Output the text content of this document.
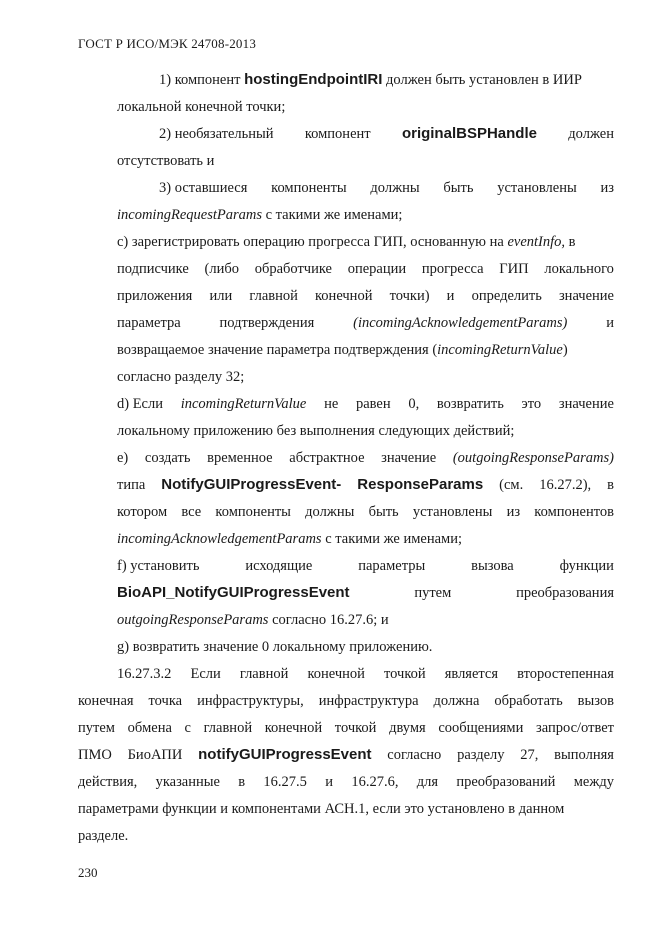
ГОСТ Р ИСО/МЭК 24708-2013
1) компонент hostingEndpointIRI должен быть установлен в ИИР
локальной конечной точки;
2) необязательный компонент originalBSPHandle должен
отсутствовать и
3) оставшиеся компоненты должны быть установлены из
incomingRequestParams с такими же именами;
с) зарегистрировать операцию прогресса ГИП, основанную на eventInfo, в
подписчике (либо обработчике операции прогресса ГИП локального
приложения или главной конечной точки) и определить значение
параметра	подтверждения	(incomingAcknowledgementParams)	и
возвращаемое значение параметра подтверждения (incomingReturnValue)
согласно разделу 32;
d) Если incomingReturnValue не равен 0, возвратить это значение
локальному приложению без выполнения следующих действий;
е) создать временное абстрактное значение (outgoingResponseParams)
типа NotifyGUIProgressEvent- ResponseParams (см. 16.27.2), в
котором все компоненты должны быть установлены из компонентов
incomingAcknowledgementParams с такими же именами;
f) установить	исходящие	параметры	вызова	функции
BioAPI_NotifyGUIProgressEvent	путем	преобразования
outgoingResponseParams согласно 16.27.6; и
g) возвратить значение 0 локальному приложению.
16.27.3.2 Если главной конечной точкой является второстепенная
конечная точка инфраструктуры, инфраструктура должна обработать вызов
путем обмена с главной конечной точкой двумя сообщениями запрос/ответ
ПМО БиоАПИ notifyGUIProgressEvent согласно разделу 27, выполняя
действия, указанные в 16.27.5 и 16.27.6, для преобразований между
параметрами функции и компонентами АСН.1, если это установлено в данном
разделе.
230
